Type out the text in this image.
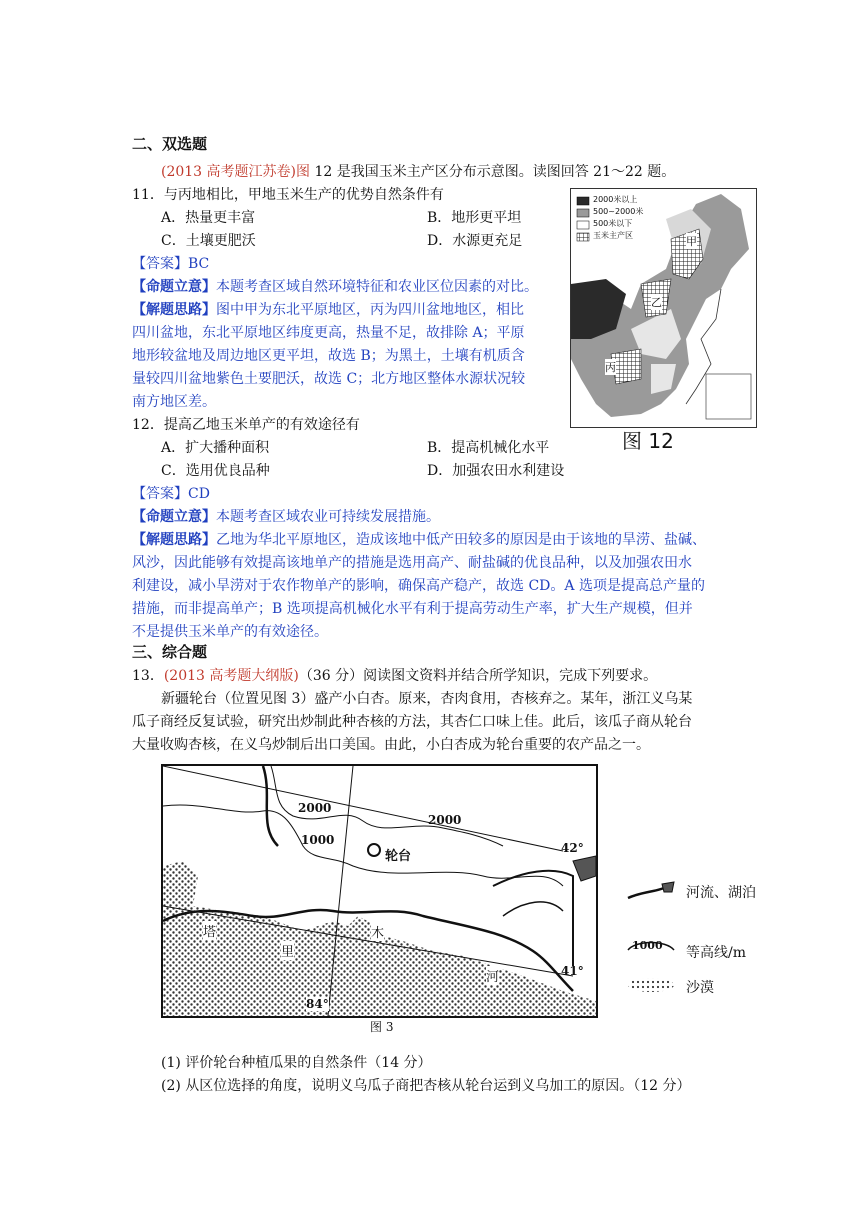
二、双选题
(2013 高考题江苏卷)图 12 是我国玉米主产区分布示意图。读图回答 21～22 题。
11．与丙地相比，甲地玉米生产的优势自然条件有
A．热量更丰富	B．地形更平坦
C．土壤更肥沃	D．水源更充足
【答案】BC
【命题立意】本题考查区域自然环境特征和农业区位因素的对比。
【解题思路】图中甲为东北平原地区，丙为四川盆地地区，相比
四川盆地，东北平原地区纬度更高，热量不足，故排除 A；平原
地形较盆地及周边地区更平坦，故选 B；为黑土，土壤有机质含
量较四川盆地紫色土要肥沃，故选 C；北方地区整体水源状况较
南方地区差。
2000米以上
500~2000米
500米以下
玉米主产区	甲
乙
丙
图 12
12．提高乙地玉米单产的有效途径有
A．扩大播种面积	B．提高机械化水平
C．选用优良品种	D．加强农田水利建设
【答案】CD
【命题立意】本题考查区域农业可持续发展措施。
【解题思路】乙地为华北平原地区，造成该地中低产田较多的原因是由于该地的旱涝、盐碱、
风沙，因此能够有效提高该地单产的措施是选用高产、耐盐碱的优良品种，以及加强农田水
利建设，减小旱涝对于农作物单产的影响，确保高产稳产，故选 CD。A 选项是提高总产量的
措施，而非提高单产；B 选项提高机械化水平有利于提高劳动生产率，扩大生产规模，但并
不是提供玉米单产的有效途径。
三、综合题
13．(2013 高考题大纲版)（36 分）阅读图文资料并结合所学知识，完成下列要求。
新疆轮台（位置见图 3）盛产小白杏。原来，杏肉食用，杏核弃之。某年，浙江义乌某
瓜子商经反复试验，研究出炒制此种杏核的方法，其杏仁口味上佳。此后，该瓜子商从轮台
大量收购杏核，在义乌炒制后出口美国。由此，小白杏成为轮台重要的农产品之一。
2000
2000
1000
轮台
42°
41°
84°
塔
里
木
河
河流、湖泊
1000 等高线/m
沙漠
图 3
(1) 评价轮台种植瓜果的自然条件（14 分）
(2) 从区位选择的角度，说明义乌瓜子商把杏核从轮台运到义乌加工的原因。（12 分）
